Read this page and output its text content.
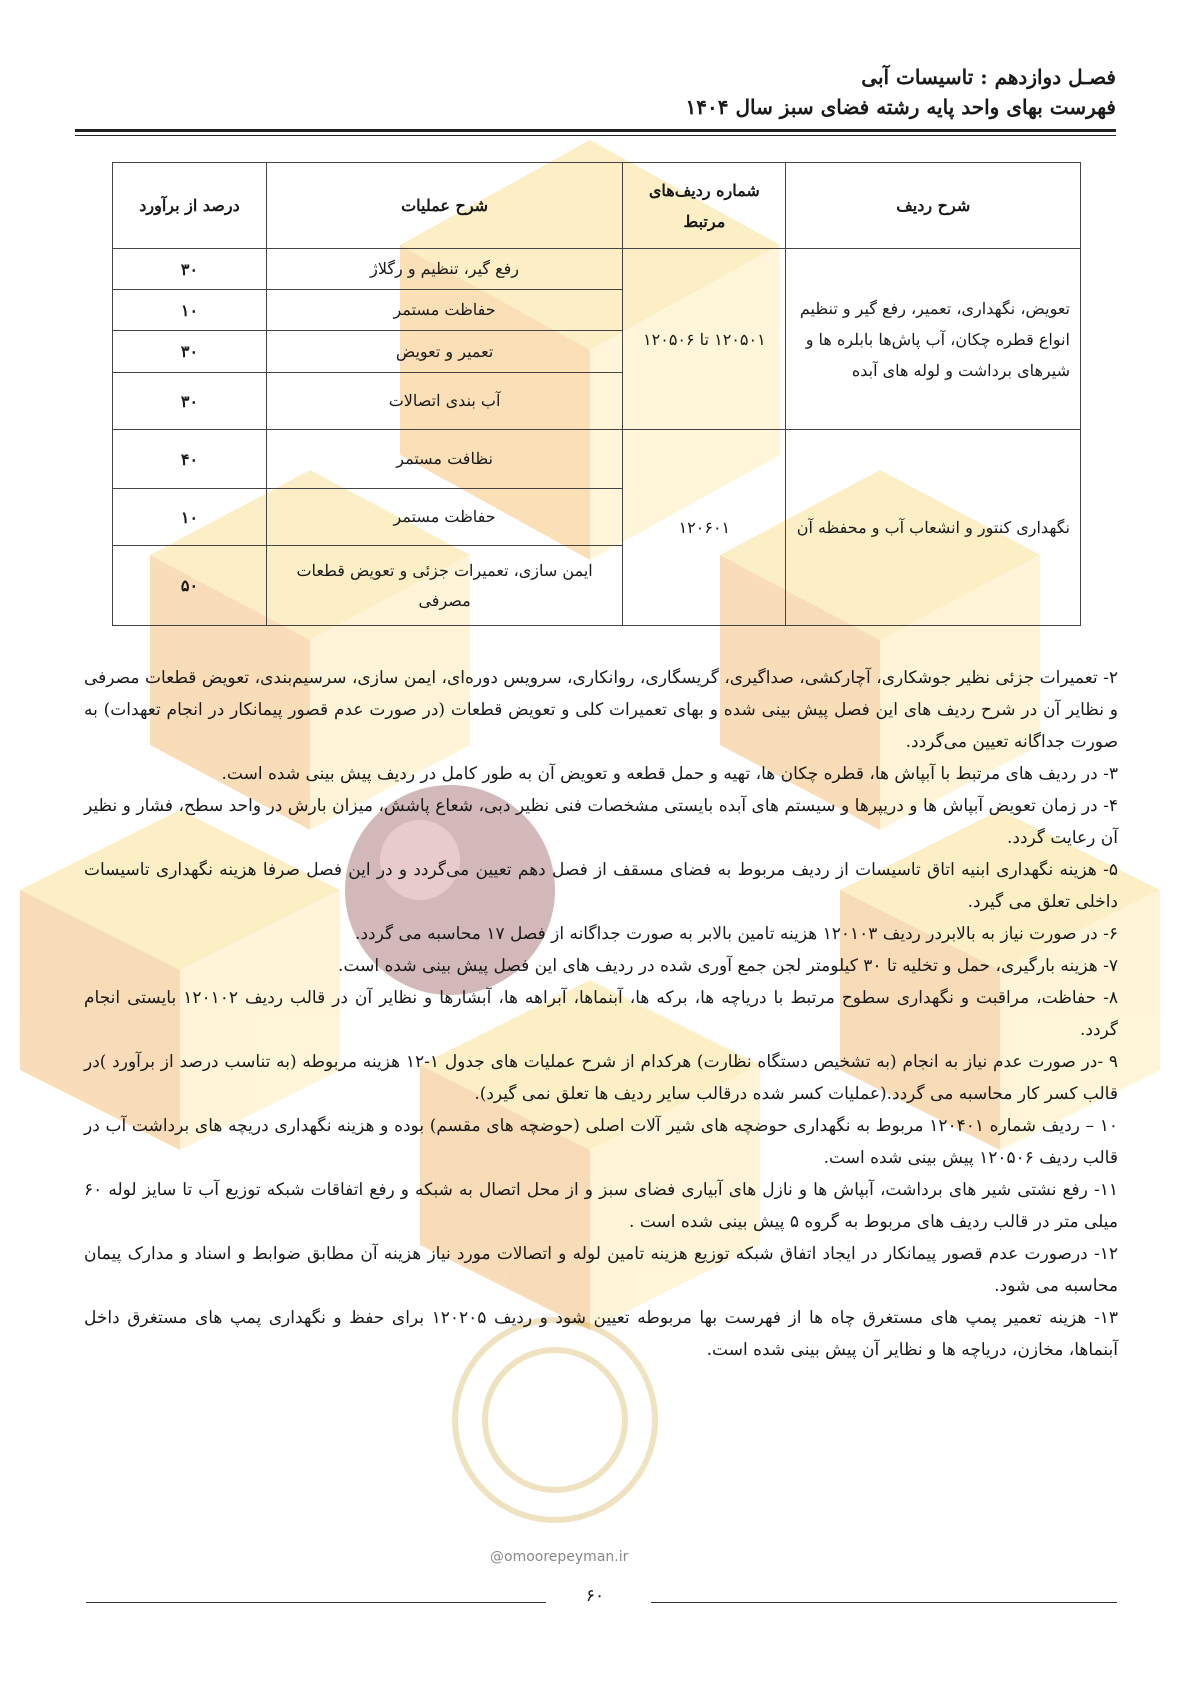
فصـل دوازدهم : تاسیسات آبی
فهرست بهای واحد پایه رشته فضای سبز سال ۱۴۰۴
شرح ردیف	شماره ردیف‌های مرتبط	شرح عملیات	درصد از برآورد
تعویض، نگهداری، تعمیر، رفع گیر و تنظیم انواع قطره چکان، آب پاش‌ها بابلره ها و شیرهای برداشت و لوله های آبده	۱۲۰۵۰۱ تا ۱۲۰۵۰۶	رفع گیر، تنظیم و رگلاژ	۳۰
		حفاظت مستمر	۱۰
		تعمیر و تعویض	۳۰
		آب بندی اتصالات	۳۰
نگهداری کنتور و انشعاب آب و محفظه آن	۱۲۰۶۰۱	نظافت مستمر	۴۰
		حفاظت مستمر	۱۰
		ایمن سازی، تعمیرات جزئی و تعویض قطعات مصرفی	۵۰

۲- تعمیرات جزئی نظیر جوشکاری، آچارکشی، صداگیری، گریسگاری، روانکاری، سرویس دوره‌ای، ایمن سازی، سرسیم‌بندی، تعویض قطعات مصرفی و نظایر آن در شرح ردیف های این فصل پیش بینی شده و بهای تعمیرات کلی و تعویض قطعات (در صورت عدم قصور پیمانکار در انجام تعهدات) به صورت جداگانه تعیین می‌گردد.

۳- در ردیف های مرتبط با آبپاش ها، قطره چکان ها، تهیه و حمل قطعه و تعویض آن به طور کامل در ردیف پیش بینی شده است.

۴- در زمان تعویض آبپاش ها و دریپرها و سیستم های آبده بایستی مشخصات فنی نظیر دبی، شعاع پاشش، میزان بارش در واحد سطح، فشار و نظیر آن رعایت گردد.

۵- هزینه نگهداری ابنیه اتاق تاسیسات از ردیف مربوط به فضای مسقف از فصل دهم تعیین می‌گردد و در این فصل صرفا هزینه نگهداری تاسیسات داخلی تعلق می گیرد.

۶- در صورت نیاز به بالابردر ردیف ۱۲۰۱۰۳ هزینه تامین بالابر به صورت جداگانه از فصل ۱۷ محاسبه می گردد.

۷- هزینه بارگیری، حمل و تخلیه تا ۳۰ کیلومتر لجن جمع آوری شده در ردیف های این فصل پیش بینی شده است.

۸- حفاظت، مراقبت و نگهداری سطوح مرتبط با دریاچه ها، برکه ها، آبنماها، آبراهه ها، آبشارها و نظایر آن در قالب ردیف ۱۲۰۱۰۲ بایستی انجام گردد.

۹ -در صورت عدم نیاز به انجام (به تشخیص دستگاه نظارت) هرکدام از شرح عملیات های جدول ۱-۱۲ هزینه مربوطه (به تناسب درصد از برآورد )در قالب کسر کار محاسبه می گردد.(عملیات کسر شده درقالب سایر ردیف ها تعلق نمی گیرد).

۱۰ – ردیف شماره ۱۲۰۴۰۱ مربوط به نگهداری حوضچه های شیر آلات اصلی (حوضچه های مقسم) بوده و هزینه نگهداری دریچه های برداشت آب در قالب ردیف ۱۲۰۵۰۶ پیش بینی شده است.

۱۱- رفع نشتی شیر های برداشت، آبپاش ها و نازل های آبیاری فضای سبز و از محل اتصال به شبکه و رفع اتفاقات شبکه توزیع آب تا سایز لوله ۶۰ میلی متر در قالب ردیف های مربوط به گروه ۵ پیش بینی شده است .

۱۲- درصورت عدم قصور پیمانکار در ایجاد اتفاق شبکه توزیع هزینه تامین لوله و اتصالات مورد نیاز هزینه آن مطابق ضوابط و اسناد و مدارک پیمان محاسبه می شود.

۱۳- هزینه تعمیر پمپ های مستغرق چاه ها از فهرست بها مربوطه تعیین شود و ردیف ۱۲۰۲۰۵ برای حفظ و نگهداری پمپ های مستغرق داخل آبنماها، مخازن، دریاچه ها و نظایر آن پیش بینی شده است.

@omoorepeyman.ir
۶۰
